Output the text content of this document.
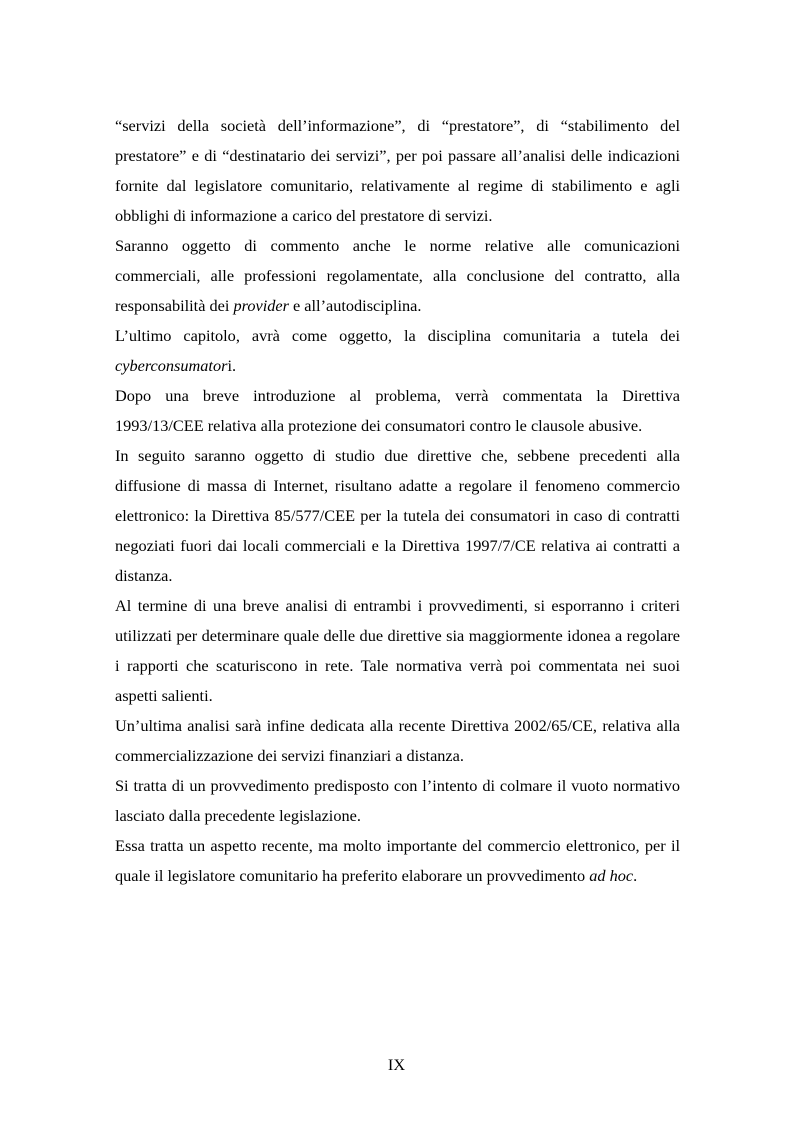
“servizi della società dell’informazione”, di “prestatore”, di “stabilimento del prestatore” e di “destinatario dei servizi”, per poi passare all’analisi delle indicazioni fornite dal legislatore comunitario, relativamente al regime di stabilimento e agli obblighi di informazione a carico del prestatore di servizi.

Saranno oggetto di commento anche le norme relative alle comunicazioni commerciali, alle professioni regolamentate, alla conclusione del contratto, alla responsabilità dei provider e all’autodisciplina.

L’ultimo capitolo, avrà come oggetto, la disciplina comunitaria a tutela dei cyberconsumatori.

Dopo una breve introduzione al problema, verrà commentata la Direttiva 1993/13/CEE relativa alla protezione dei consumatori contro le clausole abusive.

In seguito saranno oggetto di studio due direttive che, sebbene precedenti alla diffusione di massa di Internet, risultano adatte a regolare il fenomeno commercio elettronico: la Direttiva 85/577/CEE per la tutela dei consumatori in caso di contratti negoziati fuori dai locali commerciali e la Direttiva 1997/7/CE relativa ai contratti a distanza.

Al termine di una breve analisi di entrambi i provvedimenti, si esporranno i criteri utilizzati per determinare quale delle due direttive sia maggiormente idonea a regolare i rapporti che scaturiscono in rete. Tale normativa verrà poi commentata nei suoi aspetti salienti.

Un’ultima analisi sarà infine dedicata alla recente Direttiva 2002/65/CE, relativa alla commercializzazione dei servizi finanziari a distanza.

Si tratta di un provvedimento predisposto con l’intento di colmare il vuoto normativo lasciato dalla precedente legislazione.

Essa tratta un aspetto recente, ma molto importante del commercio elettronico, per il quale il legislatore comunitario ha preferito elaborare un provvedimento ad hoc.

IX
